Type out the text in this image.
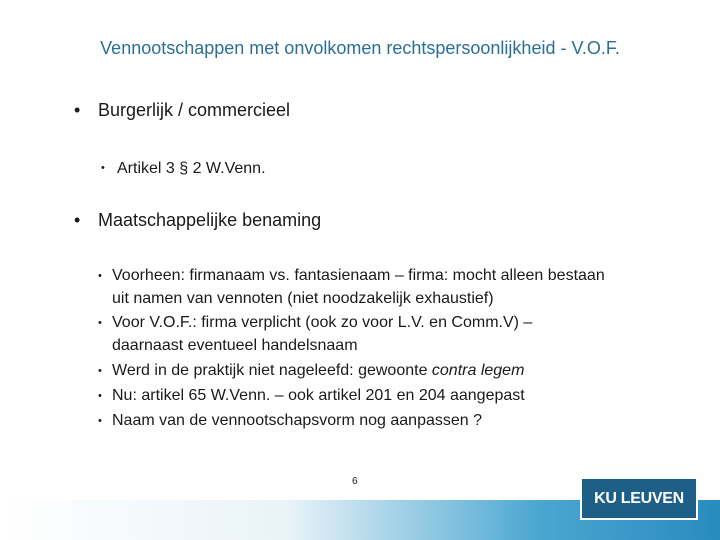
Vennootschappen met onvolkomen rechtspersoonlijkheid - V.O.F.
• Burgerlijk / commercieel
• Artikel 3 § 2 W.Venn.
• Maatschappelijke benaming
• Voorheen: firmanaam vs. fantasienaam – firma: mocht alleen bestaan
uit namen van vennoten (niet noodzakelijk exhaustief)
• Voor V.O.F.: firma verplicht (ook zo voor L.V. en Comm.V) –
daarnaast eventueel handelsnaam
• Werd in de praktijk niet nageleefd: gewoonte contra legem
• Nu: artikel 65 W.Venn. – ook artikel 201 en 204 aangepast
• Naam van de vennootschapsvorm nog aanpassen ?
6
KU LEUVEN
